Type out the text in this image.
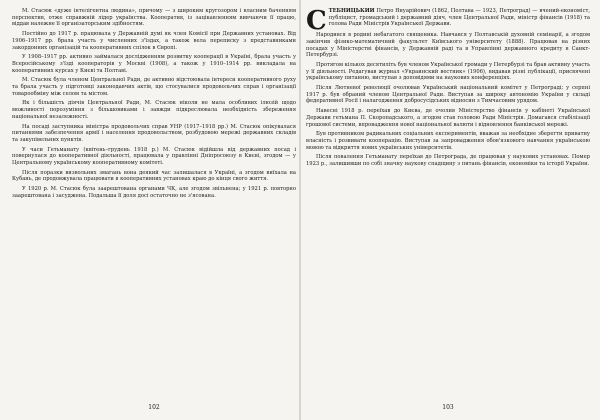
М. Стасюк «дуже інтелігентна людина», причому — з широким кругозором і власним баченням перспектив, отже справжній лідер українства. Кооператив, із зацікавленням вивчаючи її працю, віддав належне її організаторським здібностям.

Постійно до 1917 р. працювала у Державній думі як член Комісії при Державних установах. Від 1906–1917 рр. брала участь у численних з'їздах, а також вела переписку з представниками закордонних організацій та кооперативних спілок в Європі.

У 1908–1917 рр. активно займалася дослідженням розвитку кооперації в Україні, брала участь у Всеросійському з'їзді кооператорів у Москві (1908), а також у 1910–1914 рр. викладала на кооперативних курсах у Києві та Полтаві.

М. Стасюк була членом Центральної Ради, де активно відстоювала інтереси кооперативного руху та брала участь у підготовці законодавчих актів, що стосувалися продовольчих справ і організації товарообміну між селом та містом.

Як і більшість діячів Центральної Ради, М. Стасюк ніколи не мала особливих ілюзій щодо можливості порозуміння з більшовиками і завжди підкреслювала необхідність збереження національної незалежності.

На посаді заступника міністра продовольчих справ УНР (1917–1918 рр.) М. Стасюк опікувалася питаннями забезпечення армії і населення продовольством, розбудовою мережі державних складів та закупівельних пунктів.

У часи Гетьманату (квітень–грудень 1918 р.) М. Стасюк відійшла від державних посад і повернулася до кооперативної діяльності, працювала у правлінні Дніпросоюзу в Києві, згодом — у Центральному українському кооперативному комітеті.

Після поразки визвольних змагань вона деякий час залишалася в Україні, а згодом виїхала на Кубань, де продовжувала працювати в кооперативних установах краю до кінця свого життя.

У 1920 р. М. Стасюк була заарештована органами ЧК, але згодом звільнена; у 1921 р. повторно заарештована і засуджена. Подальша її доля досі остаточно не з'ясована.

102

СТЕБНИЦЬКИЙ Петро Януарійович (1862, Полтава — 1923, Петроград) — вчений-економіст, публіцист, громадський і державний діяч, член Центральної Ради, міністр фінансів (1918) та голова Ради Міністрів Української Держави.

Народився в родині небагатого священика. Навчався у Полтавській духовній семінарії, а згодом закінчив фізико-математичний факультет Київського університету (1888). Працював на різних посадах у Міністерстві фінансів, у Державній раді та в Управлінні державного кредиту в Санкт-Петербурзі.

Протягом кількох десятиліть був членом Української громади у Петербурзі та брав активну участь у її діяльності. Редагував журнал «Украинский вестник» (1906), видавав різні публікації, присвячені українському питанню, виступав з доповідями на наукових конференціях.

Після Лютневої революції очолював Український національний комітет у Петрограді; у серпні 1917 р. був обраний членом Центральної Ради. Виступав за широку автономію України у складі федеративної Росії і налагодження добросусідських відносин з Тимчасовим урядом.

Навесні 1918 р. переїхав до Києва, де очолив Міністерство фінансів у кабінеті Української Держави гетьмана П. Скоропадського, а згодом став головою Ради Міністрів. Домагався стабілізації грошової системи, впровадження нової національної валюти і відновлення банківської мережі.

Був противником радикальних соціальних експериментів, вважав за необхідне зберегти приватну власність і розвивати кооперацію. Виступав за запровадження обов'язкового навчання українською мовою та відкриття нових українських університетів.

Після повалення Гетьманату переїхав до Петрограда, де працював у наукових установах. Помер 1923 р., залишивши по собі значну наукову спадщину з питань фінансів, економіки та історії України.

103
